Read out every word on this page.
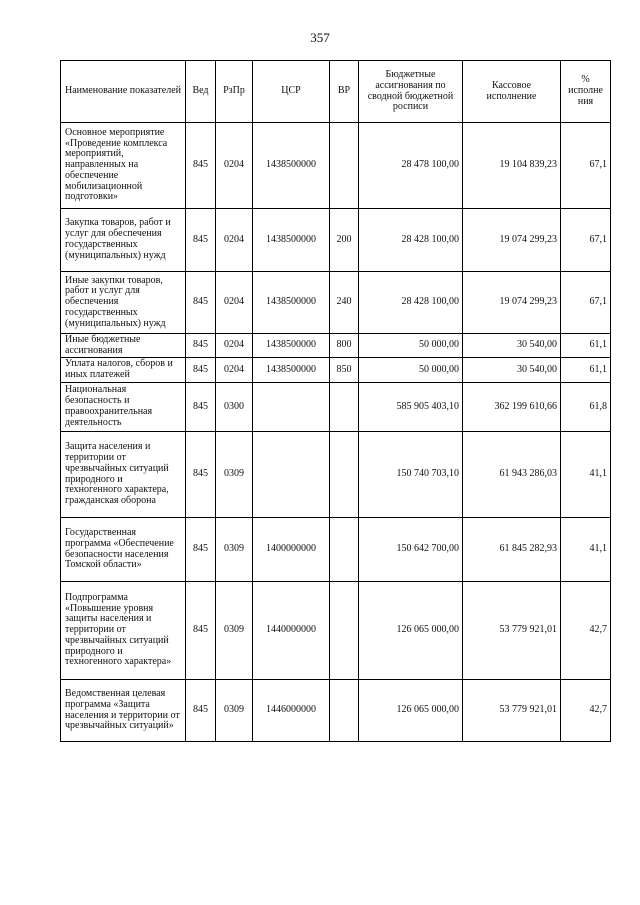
357
Наименование показателей	Вед	РзПр	ЦСР	ВР	Бюджетные ассигнования по сводной бюджетной росписи	Кассовое исполнение	% исполне ния
Основное мероприятие «Проведение комплекса мероприятий, направленных на обеспечение мобилизационной подготовки»	845	0204	1438500000		28 478 100,00	19 104 839,23	67,1
Закупка товаров, работ и услуг для обеспечения государственных (муниципальных) нужд	845	0204	1438500000	200	28 428 100,00	19 074 299,23	67,1
Иные закупки товаров, работ и услуг для обеспечения государственных (муниципальных) нужд	845	0204	1438500000	240	28 428 100,00	19 074 299,23	67,1
Иные бюджетные ассигнования	845	0204	1438500000	800	50 000,00	30 540,00	61,1
Уплата налогов, сборов и иных платежей	845	0204	1438500000	850	50 000,00	30 540,00	61,1
Национальная безопасность и правоохранительная деятельность	845	0300			585 905 403,10	362 199 610,66	61,8
Защита населения и территории от чрезвычайных ситуаций природного и техногенного характера, гражданская оборона	845	0309			150 740 703,10	61 943 286,03	41,1
Государственная программа «Обеспечение безопасности населения Томской области»	845	0309	1400000000		150 642 700,00	61 845 282,93	41,1
Подпрограмма «Повышение уровня защиты населения и территории от чрезвычайных ситуаций природного и техногенного характера»	845	0309	1440000000		126 065 000,00	53 779 921,01	42,7
Ведомственная целевая программа «Защита населения и территории от чрезвычайных ситуаций»	845	0309	1446000000		126 065 000,00	53 779 921,01	42,7
